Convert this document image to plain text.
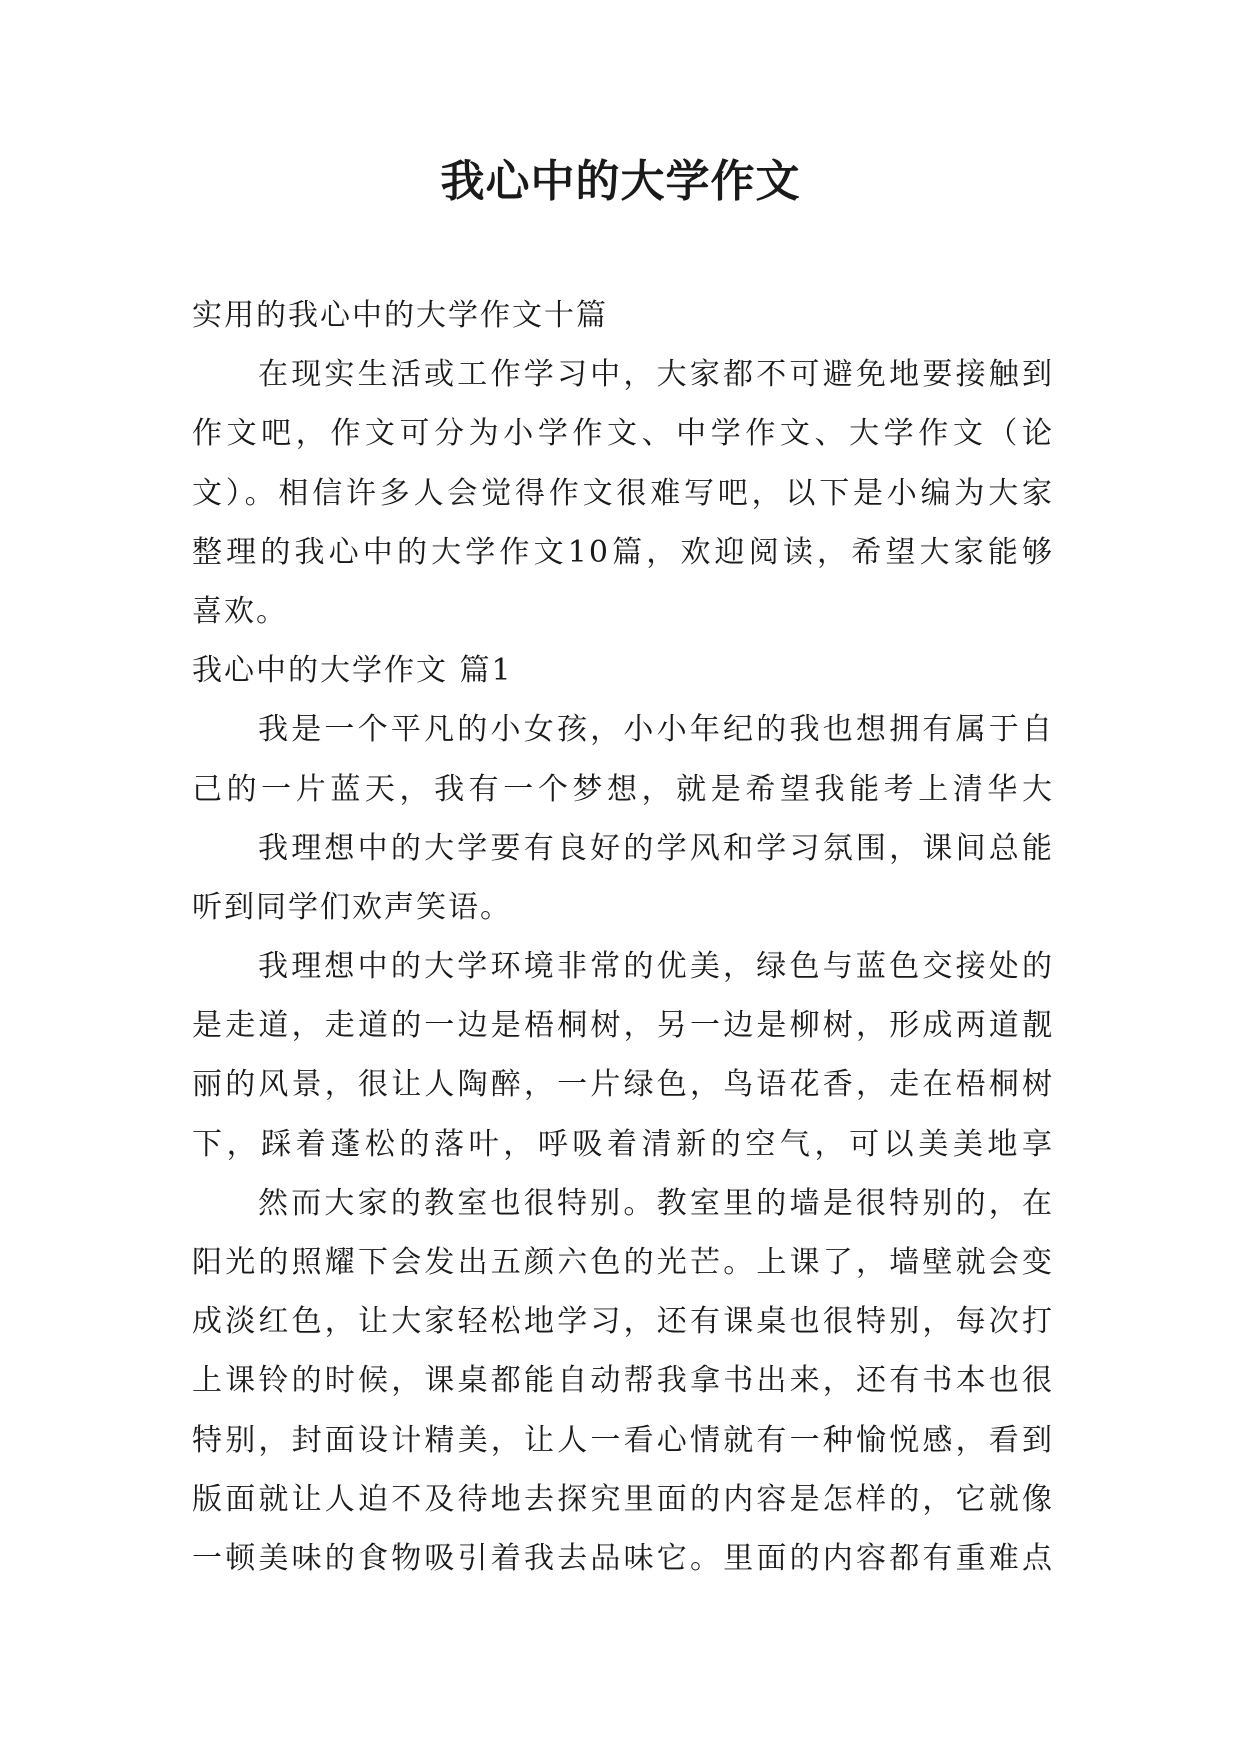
我心中的大学作文
实用的我心中的大学作文十篇
在现实生活或工作学习中，大家都不可避免地要接触到
作文吧，作文可分为小学作文、中学作文、大学作文（论
文）。相信许多人会觉得作文很难写吧，以下是小编为大家
整理的我心中的大学作文10篇，欢迎阅读，希望大家能够
喜欢。
我心中的大学作文 篇1
我是一个平凡的小女孩，小小年纪的我也想拥有属于自
己的一片蓝天，我有一个梦想，就是希望我能考上清华大
我理想中的大学要有良好的学风和学习氛围，课间总能
听到同学们欢声笑语。
我理想中的大学环境非常的优美，绿色与蓝色交接处的
是走道，走道的一边是梧桐树，另一边是柳树，形成两道靓
丽的风景，很让人陶醉，一片绿色，鸟语花香，走在梧桐树
下，踩着蓬松的落叶，呼吸着清新的空气，可以美美地享
然而大家的教室也很特别。教室里的墙是很特别的，在
阳光的照耀下会发出五颜六色的光芒。上课了，墙壁就会变
成淡红色，让大家轻松地学习，还有课桌也很特别，每次打
上课铃的时候，课桌都能自动帮我拿书出来，还有书本也很
特别，封面设计精美，让人一看心情就有一种愉悦感，看到
版面就让人迫不及待地去探究里面的内容是怎样的，它就像
一顿美味的食物吸引着我去品味它。里面的内容都有重难点
